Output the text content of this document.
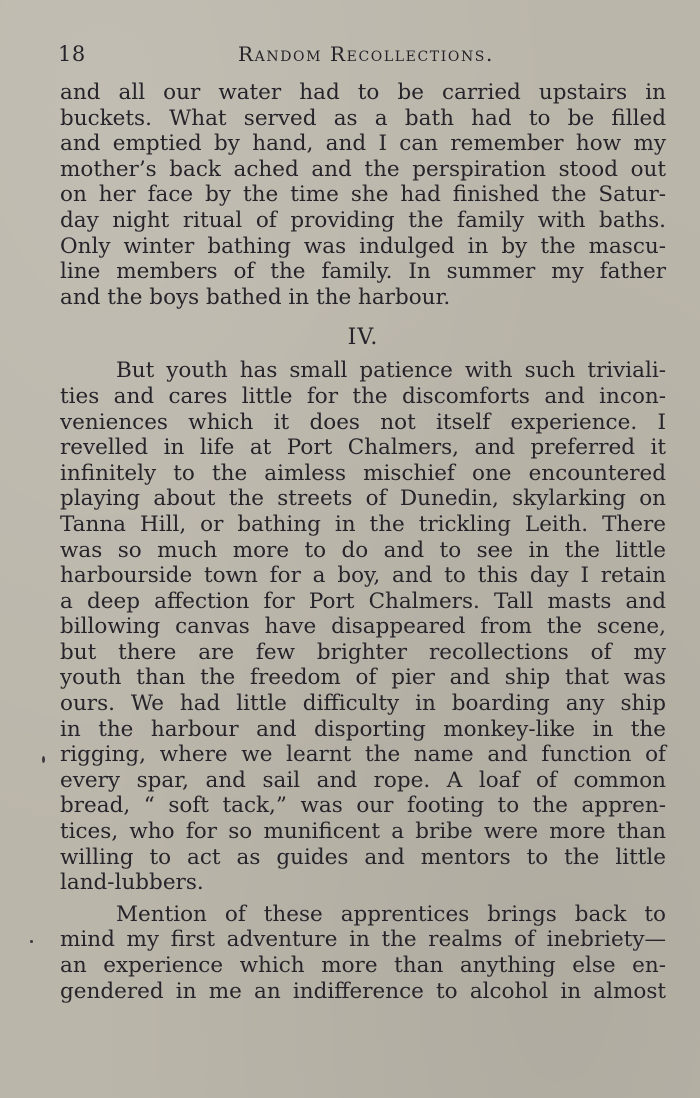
18	Random Recollections.
and all our water had to be carried upstairs in
buckets. What served as a bath had to be filled
and emptied by hand, and I can remember how my
mother’s back ached and the perspiration stood out
on her face by the time she had finished the Satur-
day night ritual of providing the family with baths.
Only winter bathing was indulged in by the mascu-
line members of the family. In summer my father
and the boys bathed in the harbour.
IV.
But youth has small patience with such triviali-
ties and cares little for the discomforts and incon-
veniences which it does not itself experience. I
revelled in life at Port Chalmers, and preferred it
infinitely to the aimless mischief one encountered
playing about the streets of Dunedin, skylarking on
Tanna Hill, or bathing in the trickling Leith. There
was so much more to do and to see in the little
harbourside town for a boy, and to this day I retain
a deep affection for Port Chalmers. Tall masts and
billowing canvas have disappeared from the scene,
but there are few brighter recollections of my
youth than the freedom of pier and ship that was
ours. We had little difficulty in boarding any ship
in the harbour and disporting monkey-like in the
rigging, where we learnt the name and function of
every spar, and sail and rope. A loaf of common
bread, “ soft tack,” was our footing to the appren-
tices, who for so munificent a bribe were more than
willing to act as guides and mentors to the little
land-lubbers.
Mention of these apprentices brings back to
mind my first adventure in the realms of inebriety—
an experience which more than anything else en-
gendered in me an indifference to alcohol in almost
